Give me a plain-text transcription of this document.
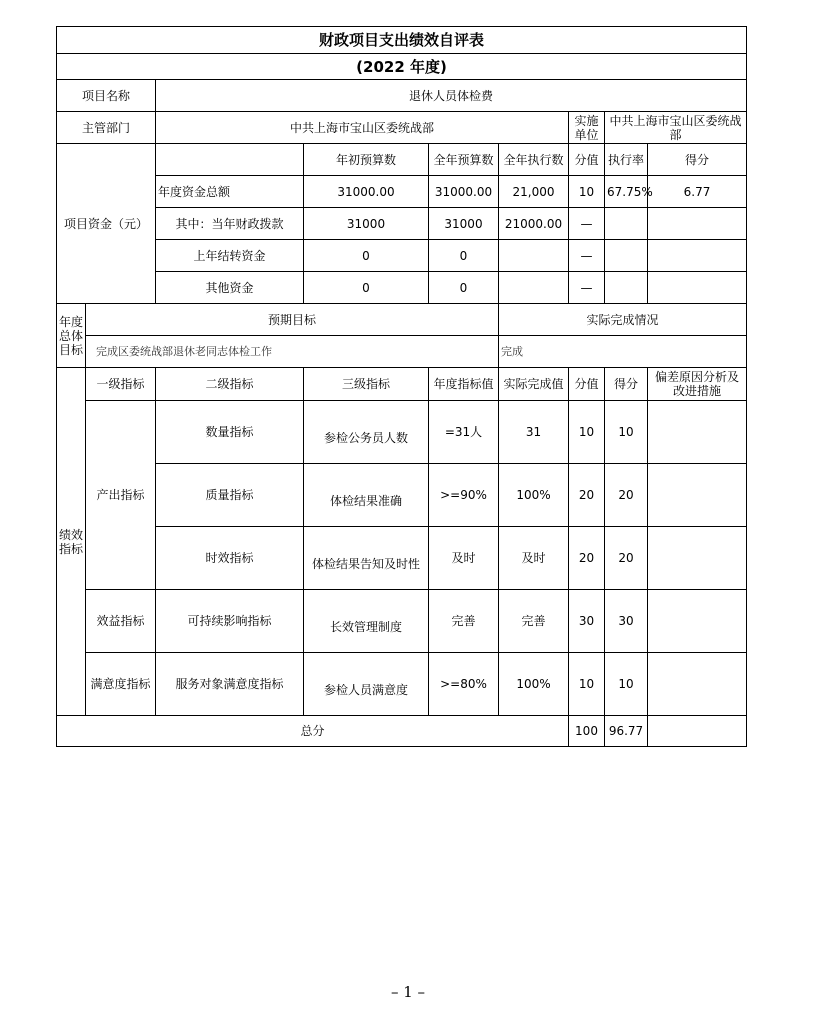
财政项目支出绩效自评表								
(2022 年度)								
项目名称		退休人员体检费						
主管部门		中共上海市宝山区委统战部				实施单位	中共上海市宝山区委统战部	
项目资金（元）			年初预算数	全年预算数	全年执行数	分值	执行率	得分
		年度资金总额	31000.00	31000.00	21,000	10	67.75%	6.77
		其中：当年财政拨款	31000	31000	21000.00	—		
		上年结转资金	0	0		—		
		其他资金	0	0		—		
年度总体目标	预期目标				实际完成情况			
	完成区委统战部退休老同志体检工作				完成			
绩效指标	一级指标	二级指标	三级指标	年度指标值	实际完成值	分值	得分	偏差原因分析及改进措施
	产出指标	数量指标	参检公务员人数	=31人	31	10	10	
		质量指标	体检结果准确	>=90%	100%	20	20	
		时效指标	体检结果告知及时性	及时	及时	20	20	
	效益指标	可持续影响指标	长效管理制度	完善	完善	30	30	
	满意度指标	服务对象满意度指标	参检人员满意度	>=80%	100%	10	10	
总分						100	96.77	
– 1 –
